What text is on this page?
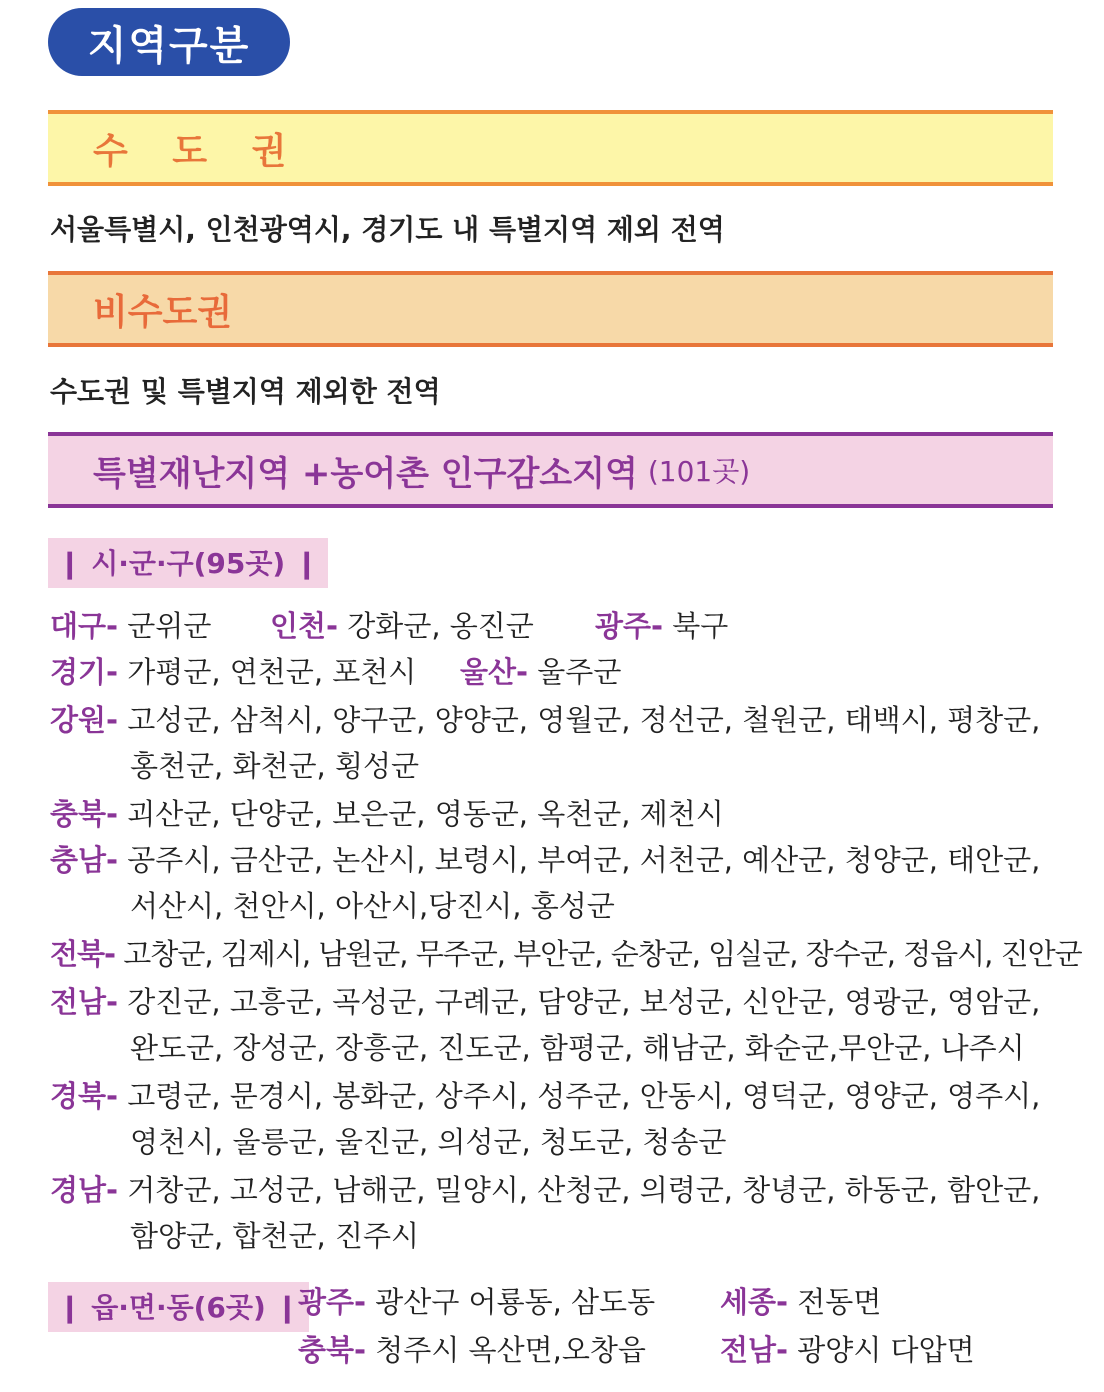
지역구분
수 도 권
서울특별시, 인천광역시, 경기도 내 특별지역 제외 전역
비수도권
수도권 및 특별지역 제외한 전역
특별재난지역 +농어촌 인구감소지역 (101곳)
❙ 시·군·구(95곳) ❙
대구- 군위군 인천- 강화군, 옹진군 광주- 북구
경기- 가평군, 연천군, 포천시 울산- 울주군
강원- 고성군, 삼척시, 양구군, 양양군, 영월군, 정선군, 철원군, 태백시, 평창군,
홍천군, 화천군, 횡성군
충북- 괴산군, 단양군, 보은군, 영동군, 옥천군, 제천시
충남- 공주시, 금산군, 논산시, 보령시, 부여군, 서천군, 예산군, 청양군, 태안군,
서산시, 천안시, 아산시,당진시, 홍성군
전북- 고창군, 김제시, 남원군, 무주군, 부안군, 순창군, 임실군, 장수군, 정읍시, 진안군
전남- 강진군, 고흥군, 곡성군, 구례군, 담양군, 보성군, 신안군, 영광군, 영암군,
완도군, 장성군, 장흥군, 진도군, 함평군, 해남군, 화순군,무안군, 나주시
경북- 고령군, 문경시, 봉화군, 상주시, 성주군, 안동시, 영덕군, 영양군, 영주시,
영천시, 울릉군, 울진군, 의성군, 청도군, 청송군
경남- 거창군, 고성군, 남해군, 밀양시, 산청군, 의령군, 창녕군, 하동군, 함안군,
함양군, 합천군, 진주시
❙ 읍·면·동(6곳) ❙ 광주- 광산구 어룡동, 삼도동 세종- 전동면
충북- 청주시 옥산면,오창읍	전남- 광양시 다압면
